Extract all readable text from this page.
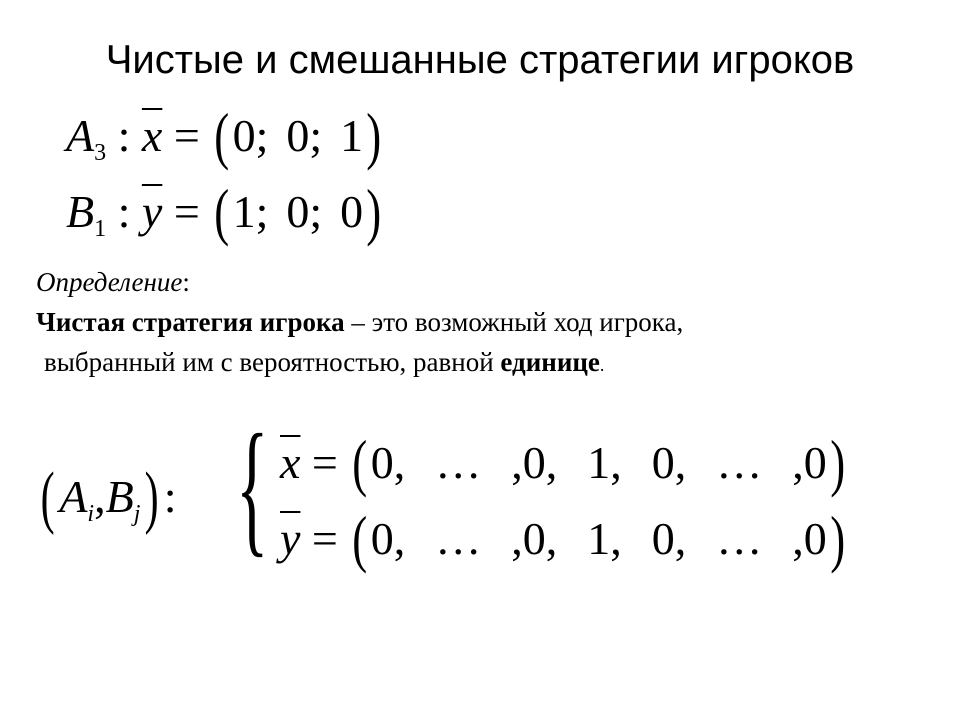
Чистые и смешанные стратегии игроков
$A_3$ : $\overline{x} = (0$; 0; 1)
$B_1$ : $\overline{y} = (1$; 0; 0)
Определение:
Чистая стратегия игрока – это возможный ход игрока,
выбранный им с вероятностью, равной единице.
( $A_i,B_j$) : { $\overline{x} = (0$, … ,0, 1, 0, … ,0)
$\overline{y} = (0$, … ,0, 1, 0, … ,0)
